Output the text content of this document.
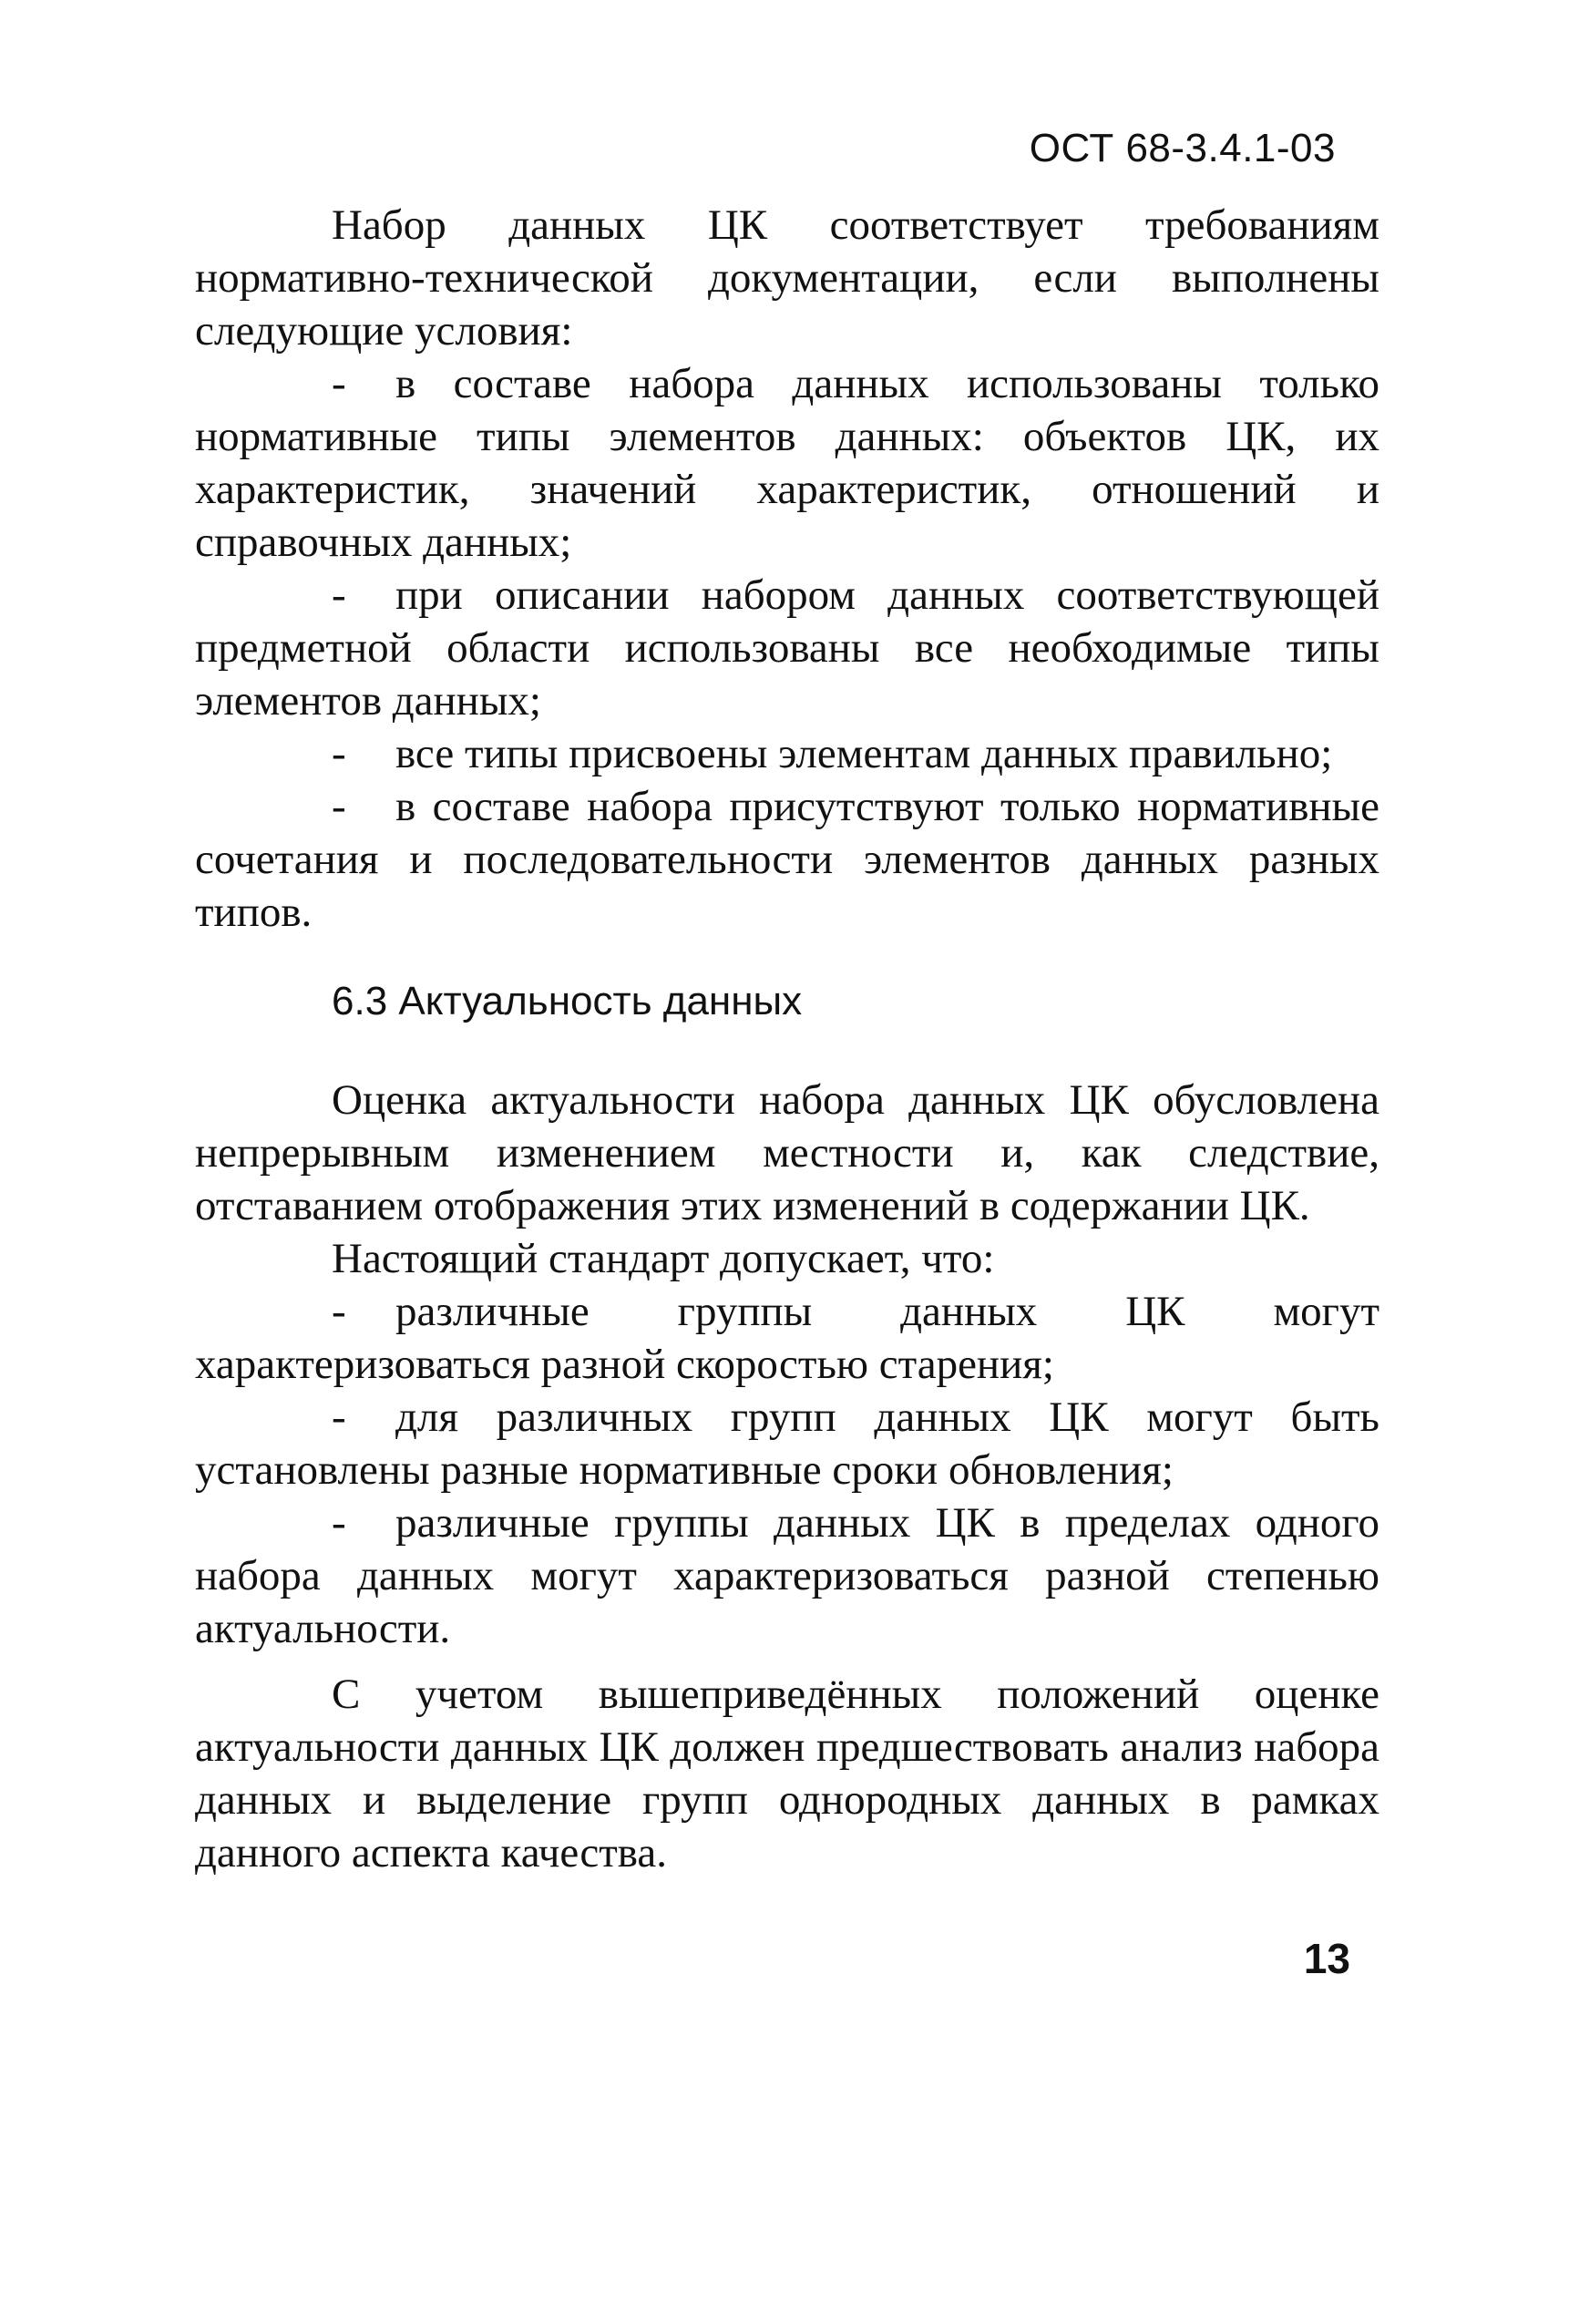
ОСТ 68-3.4.1-03

Набор данных ЦК соответствует требованиям нормативно-технической документации, если выполнены следующие условия:

- в составе набора данных использованы только нормативные типы элементов данных: объектов ЦК, их характеристик, значений характеристик, отношений и справочных данных;

- при описании набором данных соответствующей предметной области использованы все необходимые типы элементов данных;

- все типы присвоены элементам данных правильно;

- в составе набора присутствуют только нормативные сочетания и последовательности элементов данных разных типов.

6.3 Актуальность данных

Оценка актуальности набора данных ЦК обусловлена непрерывным изменением местности и, как следствие, отставанием отображения этих изменений в содержании ЦК.

Настоящий стандарт допускает, что:

- различные группы данных ЦК могут характеризоваться разной скоростью старения;

- для различных групп данных ЦК могут быть установлены разные нормативные сроки обновления;

- различные группы данных ЦК в пределах одного набора данных могут характеризоваться разной степенью актуальности.

С учетом вышеприведённых положений оценке актуальности данных ЦК должен предшествовать анализ набора данных и выделение групп однородных данных в рамках данного аспекта качества.

13
